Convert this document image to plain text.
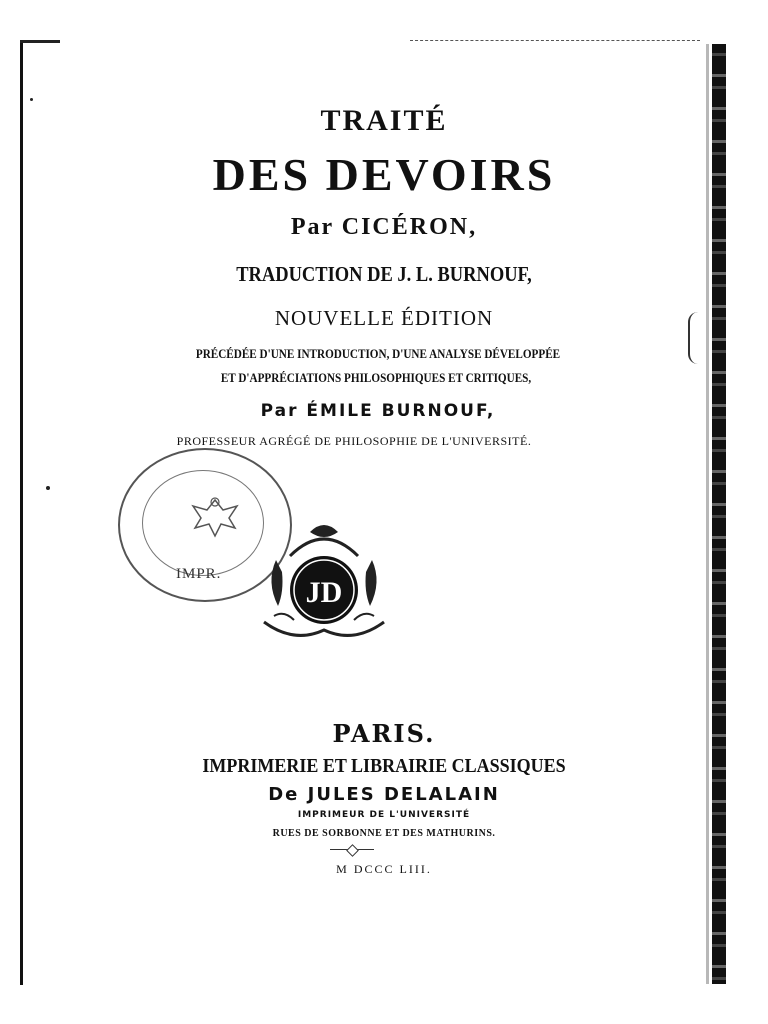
TRAITÉ
DES DEVOIRS
Par CICÉRON,
TRADUCTION DE J. L. BURNOUF,
NOUVELLE ÉDITION
PRÉCÉDÉE D'UNE INTRODUCTION, D'UNE ANALYSE DÉVELOPPÉE
ET D'APPRÉCIATIONS PHILOSOPHIQUES ET CRITIQUES,
Par ÉMILE BURNOUF,
PROFESSEUR AGRÉGÉ DE PHILOSOPHIE DE L'UNIVERSITÉ.
IMPR.
JD
PARIS.
IMPRIMERIE ET LIBRAIRIE CLASSIQUES
De JULES DELALAIN
IMPRIMEUR DE L'UNIVERSITÉ
RUES DE SORBONNE ET DES MATHURINS.
M DCCC LIII.
